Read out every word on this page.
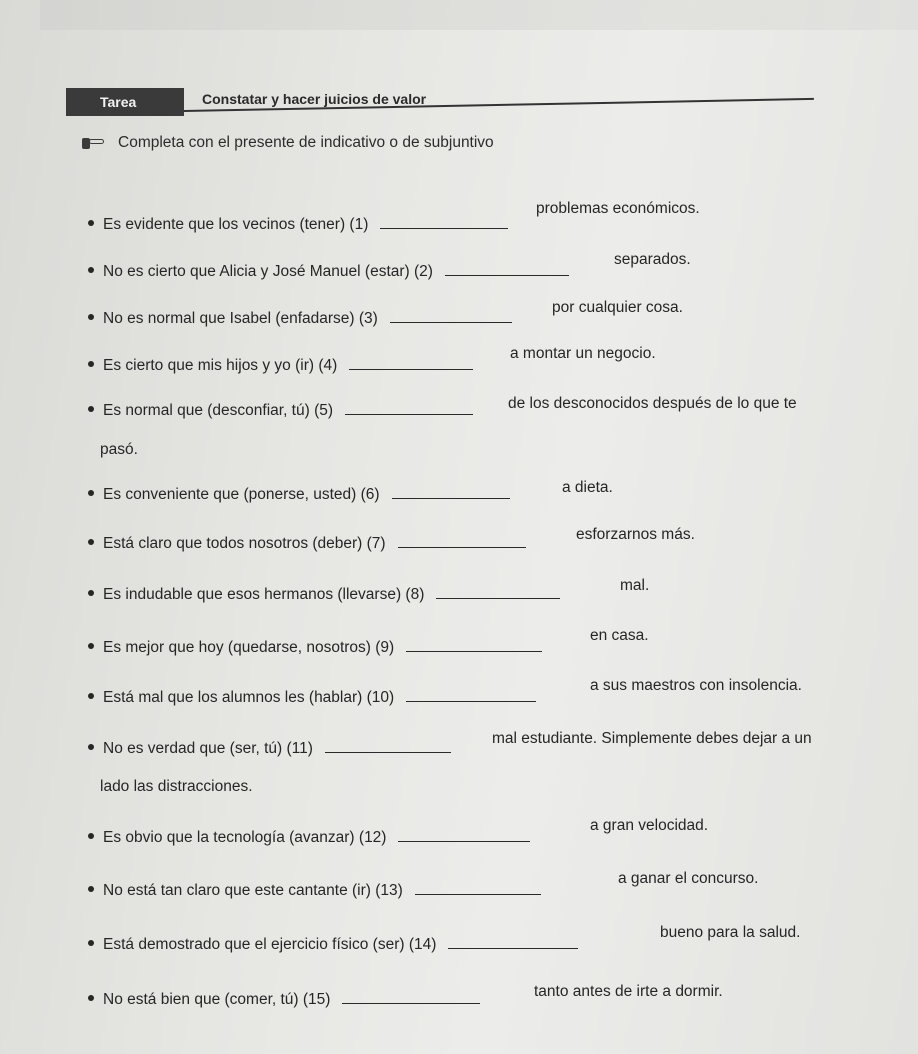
Tarea	Constatar y hacer juicios de valor
Completa con el presente de indicativo o de subjuntivo
Es evidente que los vecinos (tener) (1)
problemas económicos.
No es cierto que Alicia y José Manuel (estar) (2)
separados.
No es normal que Isabel (enfadarse) (3)
por cualquier cosa.
Es cierto que mis hijos y yo (ir) (4)
a montar un negocio.
Es normal que (desconfiar, tú) (5)	de los desconocidos después de lo que te
pasó.
Es conveniente que (ponerse, usted) (6)	a dieta.
Está claro que todos nosotros (deber) (7)
esforzarnos más.
Es indudable que esos hermanos (llevarse) (8)
mal.
Es mejor que hoy (quedarse, nosotros) (9)
en casa.
Está mal que los alumnos les (hablar) (10)
a sus maestros con insolencia.
No es verdad que (ser, tú) (11)
mal estudiante. Simplemente debes dejar a un
lado las distracciones.
Es obvio que la tecnología (avanzar) (12)
a gran velocidad.
No está tan claro que este cantante (ir) (13)
a ganar el concurso.
Está demostrado que el ejercicio físico (ser) (14)
bueno para la salud.
No está bien que (comer, tú) (15)	tanto antes de irte a dormir.
